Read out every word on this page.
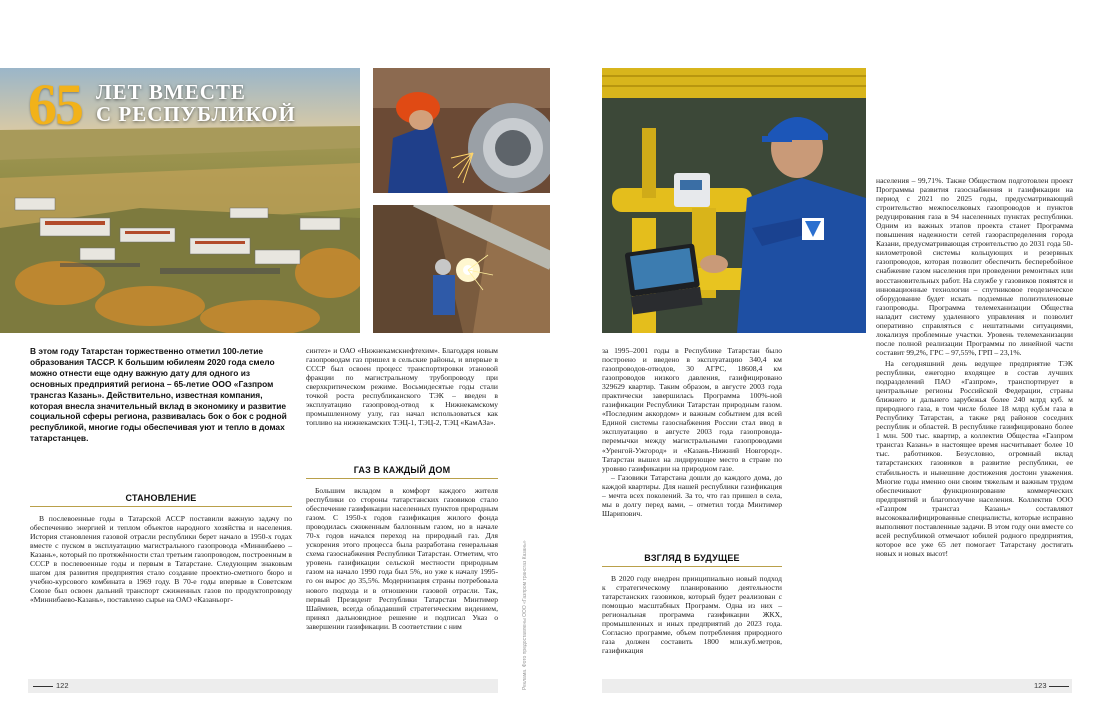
65 ЛЕТ ВМЕСТЕ
С РЕСПУБЛИКОЙ
В этом году Татарстан торжественно отметил 100-летие образования ТАССР. К большим юбилеям 2020 года смело можно отнести еще одну важную дату для одного из основных предприятий региона – 65-летие ООО «Газпром трансгаз Казань». Действительно, известная компания, которая внесла значительный вклад в экономику и развитие социальной сферы региона, развивалась бок о бок с родной республикой, многие годы обеспечивая уют и тепло в домах татарстанцев.
СТАНОВЛЕНИЕ

В послевоенные годы в Татарской АССР поставили важную задачу по обеспечению энергией и теплом объектов народного хозяйства и населения. История становления газовой отрасли республики берет начало в 1950-х годах вместе с пуском в эксплуатацию магистрального газопровода «Миннибаево – Казань», который по протяжённости стал третьим газопроводом, построенным в СССР в послевоенные годы и первым в Татарстане. Следующим знаковым шагом для развития предприятия стало создание проектно-сметного бюро и учебно-курсового комбината в 1969 году. В 70-е годы впервые в Советском Союзе был освоен дальний транспорт сжиженных газов по продуктопроводу «Миннибаево-Казань», поставлено сырье на ОАО «Казаньорг-

синтез» и ОАО «Нижнекамскнефтехим». Благодаря новым газопроводам газ пришел в сельские районы, и впервые в СССР был освоен процесс транспортировки этановой фракции по магистральному трубопроводу при сверхкритическом режиме. Восьмидесятые годы стали точкой роста республиканского ТЭК – введен в эксплуатацию газопровод-отвод к Нижнекамскому промышленному узлу, газ начал использоваться как топливо на нижнекамских ТЭЦ-1, ТЭЦ-2, ТЭЦ «КамАЗа».

ГАЗ В КАЖДЫЙ ДОМ

Большим вкладом в комфорт каждого жителя республики со стороны татарстанских газовиков стало обеспечение газификации населенных пунктов природным газом. С 1950-х годов газификация жилого фонда проводилась сжиженным баллонным газом, но в начале 70-х годов начался переход на природный газ. Для ускорения этого процесса была разработана генеральная схема газоснабжения Республики Татарстан. Отметим, что уровень газификации сельской местности природным газом на начало 1990 года был 5%, но уже к началу 1995-го он вырос до 35,5%. Модернизация страны потребовала нового подхода и в отношении газовой отрасли. Так, первый Президент Республики Татарстан Минтимер Шаймиев, всегда обладавший стратегическим видением, принял дальновидное решение и подписал Указ о завершении газификации. В соответствии с ним	Реклама. Фото предоставлены ООО «Газпром трансгаз Казань»

за 1995–2001 годы в Республике Татарстан было построено и введено в эксплуатацию 340,4 км газопроводов-отводов, 30 АГРС, 18608,4 км газопроводов низкого давления, газифицировано 329629 квартир. Таким образом, в августе 2003 года практически завершилась Программа 100%-ной газификации Республики Татарстан природным газом. «Последним аккордом» и важным событием для всей Единой системы газоснабжения России стал ввод в эксплуатацию в августе 2003 года газопровода-перемычки между магистральными газопроводами «Уренгой-Ужгород» и «Казань-Нижний Новгород». Татарстан вышел на лидирующее место в стране по уровню газификации на природном газе.

– Газовики Татарстана дошли до каждого дома, до каждой квартиры. Для нашей республики газификация – мечта всех поколений. За то, что газ пришел в села, мы в долгу перед вами, – отметил тогда Минтимер Шарипович.

ВЗГЛЯД В БУДУЩЕЕ

В 2020 году внедрен принципиально новый подход к стратегическому планированию деятельности татарстанских газовиков, который будет реализован с помощью масштабных Программ. Одна из них – региональная программа газификации ЖКХ, промышленных и иных предприятий до 2023 года. Согласно программе, объем потребления природного газа должен составить 1800 млн.куб.метров, газификация

населения – 99,71%. Также Обществом подготовлен проект Программы развития газоснабжения и газификации на период с 2021 по 2025 годы, предусматривающий строительство межпоселковых газопроводов и пунктов редуцирования газа в 94 населенных пунктах республики. Одним из важных этапов проекта станет Программа повышения надежности сетей газораспределения города Казани, предусматривающая строительство до 2031 года 50-километровой системы кольцующих и резервных газопроводов, которая позволит обеспечить бесперебойное снабжение газом населения при проведении ремонтных или восстановительных работ. На службе у газовиков появятся и инновационные технологии – спутниковое геодезическое оборудование будет искать подземные полиэтиленовые газопроводы. Программа телемеханизации Общества наладит систему удаленного управления и позволит оперативно справляться с нештатными ситуациями, локализуя проблемные участки. Уровень телемеханизации после полной реализации Программы по линейной части составит 99,2%, ГРС – 97,55%, ГРП – 23,1%.

На сегодняшний день ведущее предприятие ТЭК республики, ежегодно входящее в состав лучших подразделений ПАО «Газпром», транспортирует в центральные регионы Российской Федерации, страны ближнего и дальнего зарубежья более 240 млрд куб. м природного газа, в том числе более 18 млрд куб.м газа в Республику Татарстан, а также ряд районов соседних республик и областей. В республике газифицировано более 1 млн. 500 тыс. квартир, а коллектив Общества «Газпром трансгаз Казань» в настоящее время насчитывает более 10 тыс. работников. Безусловно, огромный вклад татарстанских газовиков в развитие республики, ее стабильность и нынешние достижения достоин уважения. Многие годы именно они своим тяжелым и важным трудом обеспечивают функционирование коммерческих предприятий и благополучие населения. Коллектив ООО «Газпром трансгаз Казань» составляют высококвалифицированные специалисты, которые исправно выполняют поставленные задачи. В этом году они вместе со всей республикой отмечают юбилей родного предприятия, которое все уже 65 лет помогает Татарстану достигать новых и новых высот!

122	123
